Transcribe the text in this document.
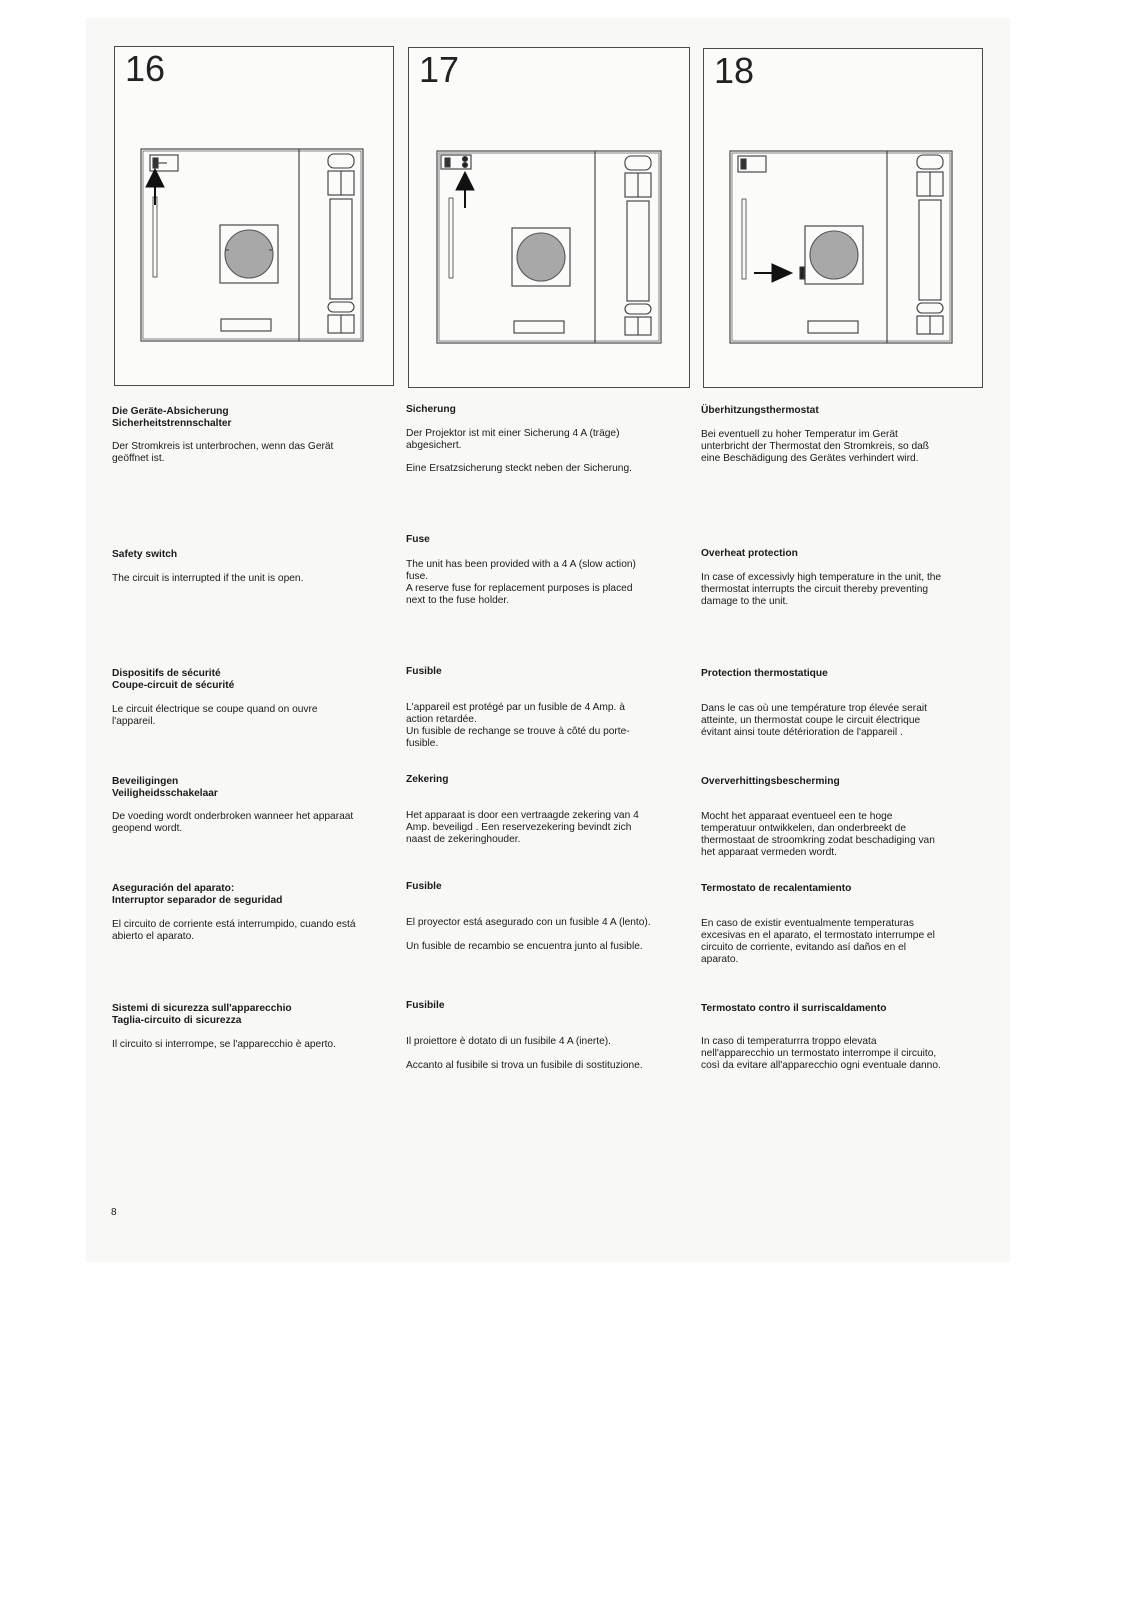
16	17	18
Die Geräte-Absicherung
Sicherheitstrennschalter
Der Stromkreis ist unterbrochen, wenn das Gerät
geöffnet ist.
Safety switch
The circuit is interrupted if the unit is open.
Dispositifs de sécurité
Coupe-circuit de sécurité
Le circuit électrique se coupe quand on ouvre
l'appareil.
Beveiligingen
Veiligheidsschakelaar
De voeding wordt onderbroken wanneer het apparaat
geopend wordt.
Aseguración del aparato:
Interruptor separador de seguridad
El circuito de corriente está interrumpido, cuando está
abierto el aparato.
Sistemi di sicurezza sull'apparecchio
Taglia-circuito di sicurezza
Il circuito si interrompe, se l'apparecchio è aperto.
Sicherung
Der Projektor ist mit einer Sicherung 4 A (träge)
abgesichert.
Eine Ersatzsicherung steckt neben der Sicherung.
Fuse
The unit has been provided with a 4 A (slow action)
fuse.
A reserve fuse for replacement purposes is placed
next to the fuse holder.
Fusible
L'appareil est protégé par un fusible de 4 Amp. à
action retardée.
Un fusible de rechange se trouve à côté du porte-
fusible.
Zekering
Het apparaat is door een vertraagde zekering van 4
Amp. beveiligd . Een reservezekering bevindt zich
naast de zekeringhouder.
Fusible
El proyector está asegurado con un fusible 4 A (lento).
Un fusible de recambio se encuentra junto al fusible.
Fusibile
Il proiettore è dotato di un fusibile 4 A (inerte).
Accanto al fusibile si trova un fusibile di sostituzione.
Überhitzungsthermostat
Bei eventuell zu hoher Temperatur im Gerät
unterbricht der Thermostat den Stromkreis, so daß
eine Beschädigung des Gerätes verhindert wird.
Overheat protection
In case of excessivly high temperature in the unit, the
thermostat interrupts the circuit thereby preventing
damage to the unit.
Protection thermostatique
Dans le cas où une température trop élevée serait
atteinte, un thermostat coupe le circuit électrique
évitant ainsi toute détérioration de l'appareil .
Oververhittingsbescherming
Mocht het apparaat eventueel een te hoge
temperatuur ontwikkelen, dan onderbreekt de
thermostaat de stroomkring zodat beschadiging van
het apparaat vermeden wordt.
Termostato de recalentamiento
En caso de existir eventualmente temperaturas
excesivas en el aparato, el termostato interrumpe el
circuito de corriente, evitando así daños en el
aparato.
Termostato contro il surriscaldamento
In caso di temperaturrra troppo elevata
nell'apparecchio un termostato interrompe il circuito,
così da evitare all'apparecchio ogni eventuale danno.
8
